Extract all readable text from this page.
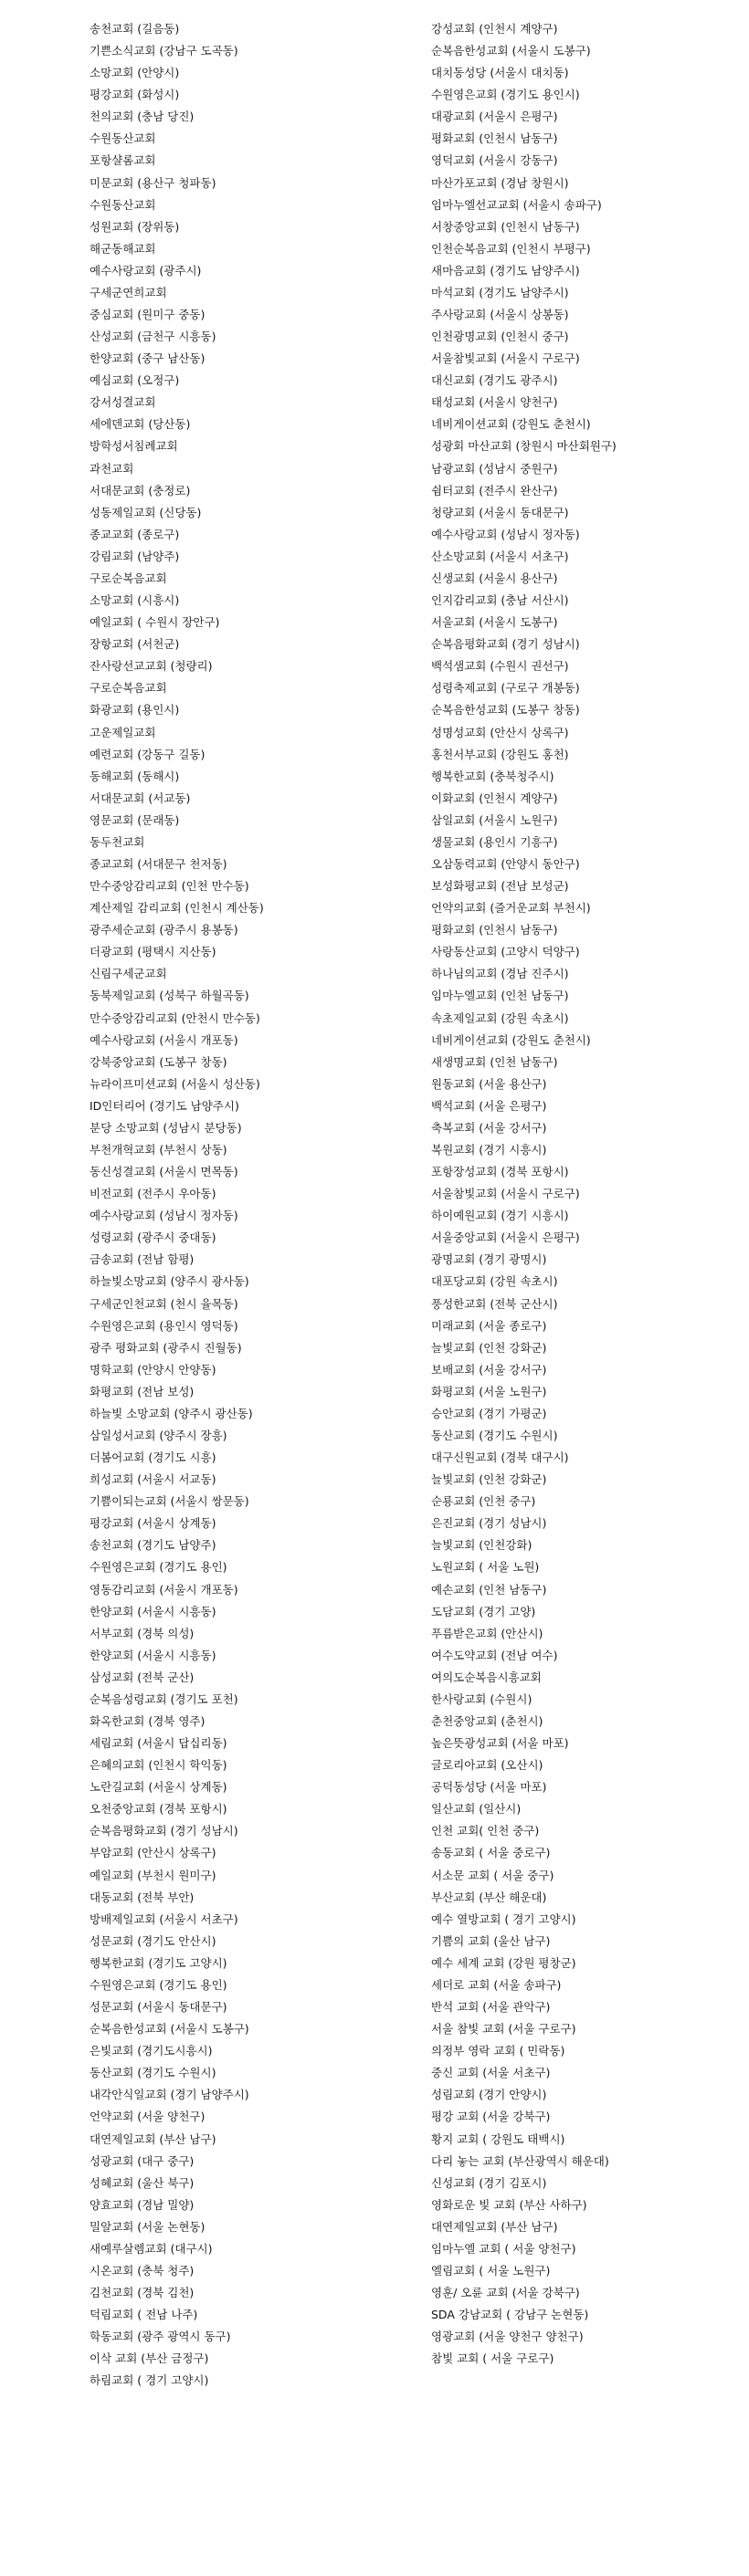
송천교회 (길음동)
기쁜소식교회 (강남구 도곡동)
소망교회 (안양시)
평강교회 (화성시)
천의교회 (충남 당진)
수원동산교회
포항샬롬교회
미문교회 (용산구 청파동)
수원동산교회
성원교회 (장위동)
해군동해교회
예수사랑교회 (광주시)
구세군연희교회
중심교회 (원미구 중동)
산성교회 (금천구 시흥동)
한양교회 (중구 남산동)
예심교회 (오정구)
강서성결교회
세에덴교회 (당산동)
방학성서침례교회
과천교회
서대문교회 (충정로)
성동제일교회 (신당동)
종교교회 (종로구)
강림교회 (남양주)
구로순복음교회
소망교회 (시흥시)
예일교회 ( 수원시 장안구)
장항교회 (서천군)
잔사랑선교교회 (청량리)
구로순복음교회
화광교회 (용인시)
고운제일교회
예련교회 (강동구 길동)
동해교회 (동해시)
서대문교회 (서교동)
영문교회 (문래동)
동두천교회
종교교회 (서대문구 천저동)
만수중앙감리교회 (인천 만수동)
계산제일 감리교회 (인천시 계산동)
광주세순교회 (광주시 용봉동)
더광교회 (평택시 지산동)
신림구세군교회
동북제일교회 (성북구 하월곡동)
만수중앙감리교회 (안천시 만수동)
예수사랑교회 (서울시 개포동)
강북중앙교회 (도봉구 창동)
뉴라이프미션교회 (서울시 성산동)
ID인터리어 (경기도 남양주시)
분당 소망교회 (성남시 분당동)
부천개혁교회 (부천시 상동)
동신성결교회 (서울시 면목동)
비전교회 (전주시 우아동)
예수사랑교회 (성남시 정자동)
성령교회 (광주시 중대동)
금송교회 (전남 함평)
하늘빛소망교회 (양주시 광사동)
구세군인천교회 (천시 율목동)
수원영은교회 (용인시 영덕동)
광주 평화교회 (광주시 진월동)
명학교회 (안양시 안양동)
화평교회 (전남 보성)
하늘빛 소망교회 (양주시 광산동)
삼일성서교회 (양주시 장흥)
더봄어교회 (경기도 시흥)
희성교회 (서울시 서교동)
기쁨이되는교회 (서울시 쌍문동)
평강교회 (서울시 상계동)
송천교회 (경기도 남양주)
수원영은교회 (경기도 용인)
영동감리교회 (서울시 개포동)
한양교회 (서울시 시흥동)
서부교회 (경북 의성)
한양교회 (서울시 시흥동)
삼성교회 (전북 군산)
순복음성령교회 (경기도 포천)
화옥한교회 (경북 영주)
세림교회 (서울시 답십리동)
은혜의교회 (인천시 학익동)
노란길교회 (서울시 상계동)
오천중앙교회 (경북 포항시)
순복음평화교회 (경기 성남시)
부암교회 (안산시 상록구)
예일교회 (부천시 원미구)
대동교회 (전북 부안)
방배제일교회 (서울시 서초구)
성문교회 (경기도 안산시)
행복한교회 (경기도 고양시)
수원영은교회 (경기도 용인)
성문교회 (서울시 동대문구)
순복음한성교회 (서울시 도봉구)
은빛교회 (경기도시흥시)
동산교회 (경기도 수원시)
내각안식일교회 (경기 남양주시)
언약교회 (서울 양천구)
대연제일교회 (부산 남구)
성광교회 (대구 중구)
성혜교회 (울산 북구)
양효교회 (경남 밀양)
밀알교회 (서울 논현동)
새예루살렘교회 (대구시)
시온교회 (충북 청주)
김천교회 (경북 김천)
덕림교회 ( 전남 나주)
학동교회 (광주 광역시 동구)
이삭 교회 (부산 금정구)
하림교회 ( 경기 고양시)
강성교회 (인천시 계양구)
순복음한성교회 (서울시 도봉구)
대치동성당 (서울시 대치동)
수원영은교회 (경기도 용인시)
대광교회 (서울시 은평구)
평화교회 (인천시 남동구)
영덕교회 (서울시 강동구)
마산가포교회 (경남 창원시)
임마누엘선교교회 (서울시 송파구)
서창중앙교회 (인천시 남동구)
인천순복음교회 (인천시 부평구)
새마음교회 (경기도 남양주시)
마석교회 (경기도 남양주시)
주사랑교회 (서울시 상봉동)
인천광명교회 (인천시 중구)
서울참빛교회 (서울시 구로구)
대신교회 (경기도 광주시)
태성교회 (서울시 양천구)
네비게이션교회 (강원도 춘천시)
성광회 마산교회 (창원시 마산회원구)
남광교회 (성남시 중원구)
쉼터교회 (전주시 완산구)
청량교회 (서울시 동대문구)
예수사랑교회 (성남시 정자동)
산소망교회 (서울시 서초구)
신생교회 (서울시 용산구)
인지감리교회 (충남 서산시)
서울교회 (서울시 도봉구)
순복음평화교회 (경기 성남시)
백석샘교회 (수원시 권선구)
성령축제교회 (구로구 개봉동)
순복음한성교회 (도봉구 창동)
성명성교회 (안산시 상록구)
홍천서부교회 (강원도 홍천)
행복한교회 (충북청주시)
이화교회 (인천시 계양구)
삼일교회 (서울시 노원구)
생물교회 (용인시 기흥구)
오삼동력교회 (안양시 동안구)
보성화평교회 (전남 보성군)
언약의교회 (즐거운교회 부천시)
평화교회 (인천시 남동구)
사랑동산교회 (고양시 덕양구)
하나님의교회 (경남 진주시)
임마누엘교회 (인천 남동구)
속초제일교회 (강원 속초시)
네비게이션교회 (강원도 춘천시)
새생명교회 (인천 남동구)
원동교회 (서울 용산구)
백석교회 (서울 은평구)
축복교회 (서울 강서구)
복원교회 (경기 시흥시)
포항장성교회 (경북 포항시)
서울참빛교회 (서울시 구로구)
하이예원교회 (경기 시흥시)
서울중앙교회 (서울시 은평구)
광명교회 (경기 광명시)
대포당교회 (강원 속초시)
풍성한교회 (전북 군산시)
미래교회 (서울 종로구)
늘빛교회 (인천 강화군)
보배교회 (서울 강서구)
화평교회 (서울 노원구)
승안교회 (경기 가평군)
동산교회 (경기도 수원시)
대구신원교회 (경북 대구시)
늘빛교회 (인천 강화군)
순룡교회 (인천 중구)
은진교회 (경기 성남시)
늘빛교회 (인천강화)
노원교회 ( 서울 노원)
예손교회 (인천 남동구)
도담교회 (경기 고양)
푸름받은교회 (안산시)
여수도약교회 (전남 여수)
여의도순복음시흥교회
한사랑교회 (수원시)
춘천중앙교회 (춘천시)
높은뜻광성교회 (서울 마포)
글로리아교회 (오산시)
공덕동성당 (서울 마포)
일산교회 (일산시)
인천 교회( 인천 중구)
송동교회 ( 서울 중로구)
서소문 교회 ( 서울 중구)
부산교회 (부산 해운대)
예수 열방교회 ( 경기 고양시)
기쁨의 교회 (울산 남구)
예수 세계 교회 (강원 평창군)
세더로 교회 (서울 송파구)
반석 교회 (서울 관악구)
서울 참빛 교회 (서울 구로구)
의정부 영락 교회 ( 민락동)
중신 교회 (서울 서초구)
성림교회 (경기 안양시)
평강 교회 (서울 강북구)
황지 교회 ( 강원도 태백시)
다리 놓는 교회 (부산광역시 해운대)
신성교회 (경기 김포시)
영화로운 빛 교회 (부산 사하구)
대연제일교회 (부산 남구)
임마누엘 교회 ( 서울 양천구)
엘림교회 ( 서울 노원구)
영훈/ 오륜 교회 (서울 강북구)
SDA 강남교회 ( 강남구 논현동)
영광교회 (서울 양천구 양천구)
참빛 교회 ( 서울 구로구)
